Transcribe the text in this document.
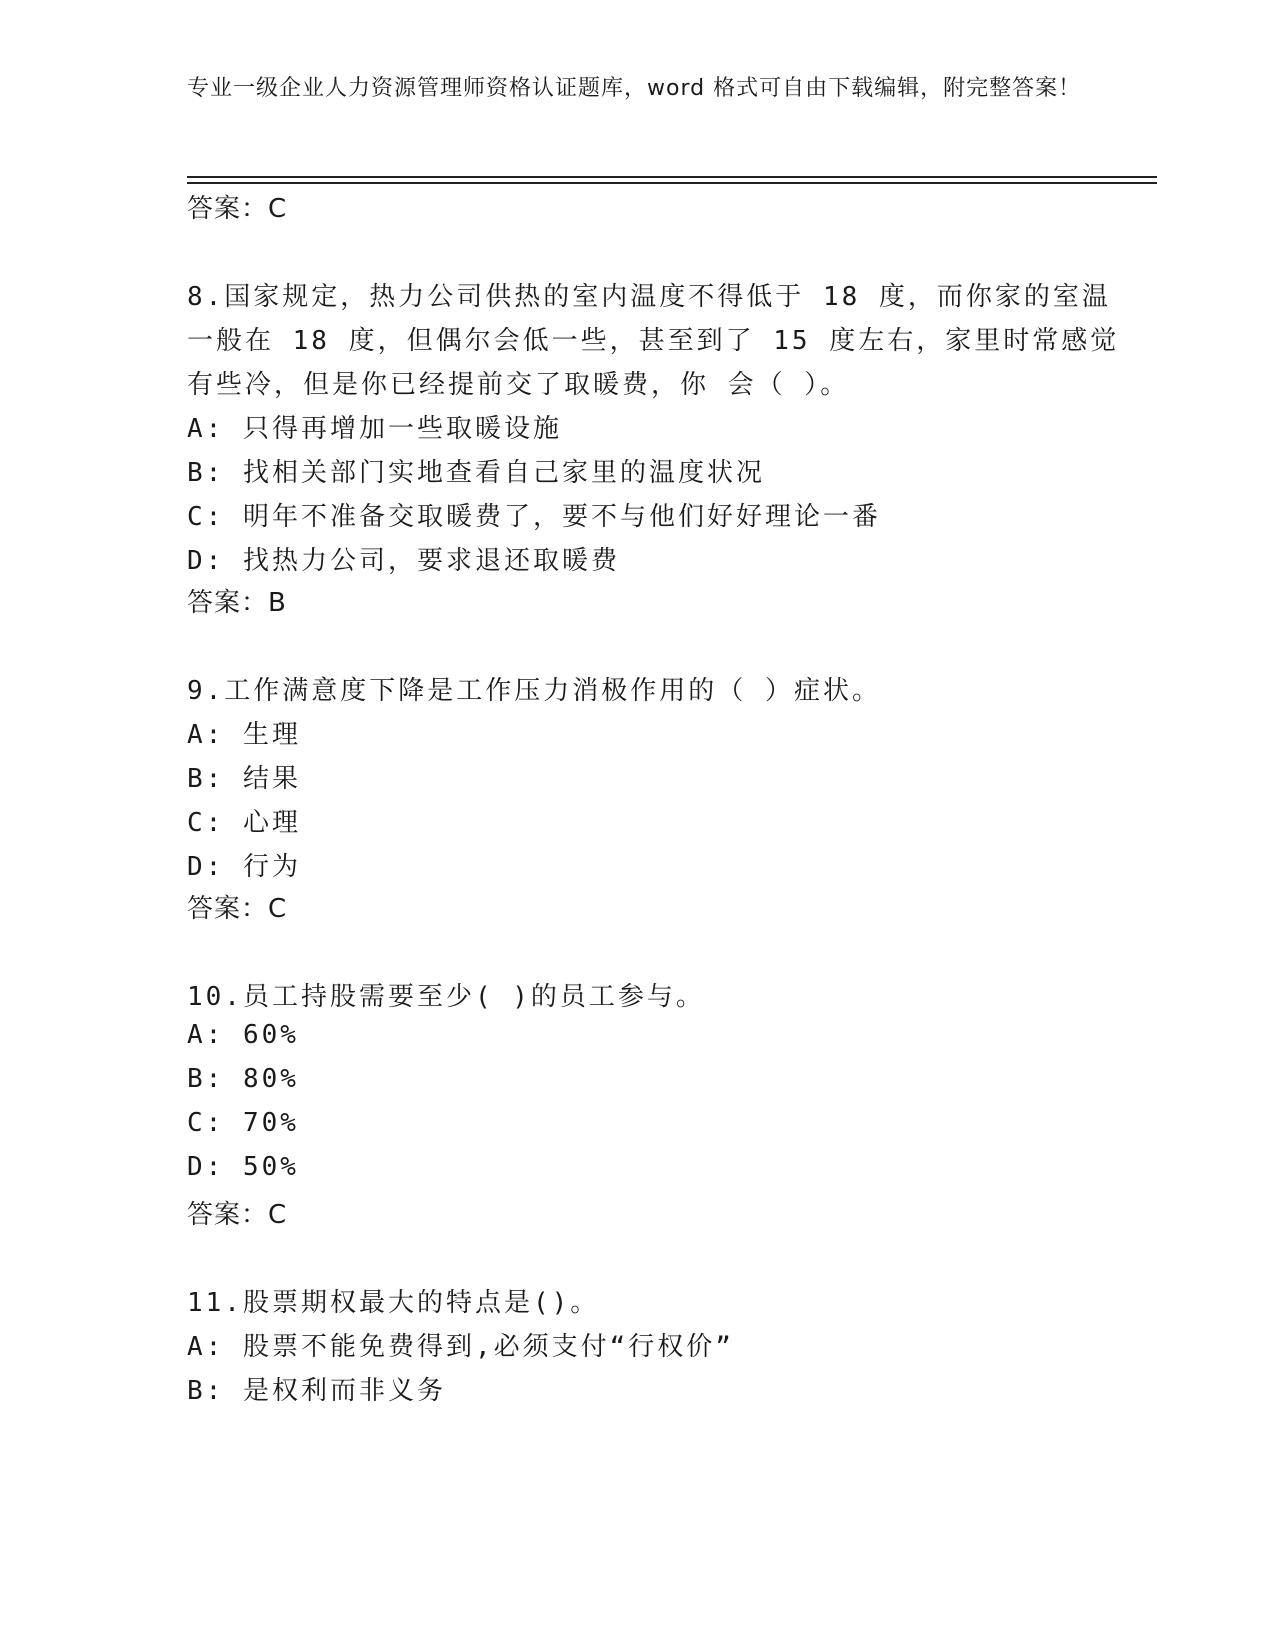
专业一级企业人力资源管理师资格认证题库，word 格式可自由下载编辑，附完整答案！
答案：C
8.国家规定，热力公司供热的室内温度不得低于 18 度，而你家的室温
一般在 18 度，但偶尔会低一些，甚至到了 15 度左右，家里时常感觉
有些冷，但是你已经提前交了取暖费，你 会（ ）。
A: 只得再增加一些取暖设施
B: 找相关部门实地查看自己家里的温度状况
C: 明年不准备交取暖费了，要不与他们好好理论一番
D: 找热力公司，要求退还取暖费
答案：B
9.工作满意度下降是工作压力消极作用的（ ）症状。
A: 生理
B: 结果
C: 心理
D: 行为
答案：C
10.员工持股需要至少( )的员工参与。
A: 60%
B: 80%
C: 70%
D: 50%
答案：C
11.股票期权最大的特点是()。
A: 股票不能免费得到,必须支付“行权价”
B: 是权利而非义务
